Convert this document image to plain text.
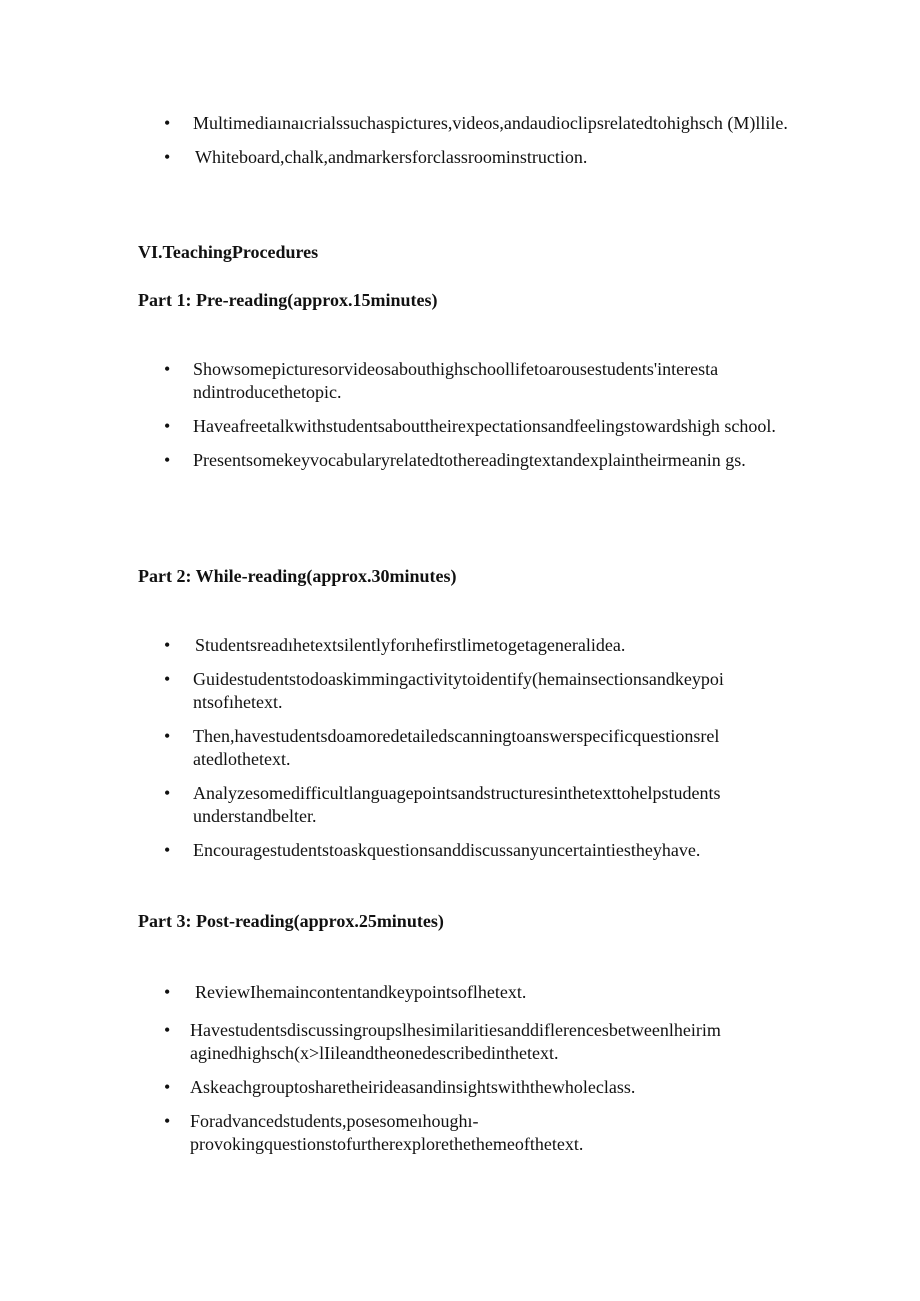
• Multimediaınaıcrialssuchaspictures,videos,andaudioclipsrelatedtohighsch (M)llile.
• Whiteboard,chalk,andmarkersforclassroominstruction.
VI.TeachingProcedures
Part 1: Pre-reading(approx.15minutes)
• Showsomepicturesorvideosabouthighschoollifetoarousestudents'interesta ndintroducethetopic.
• Haveafreetalkwithstudentsabouttheirexpectationsandfeelingstowardshigh school.
• Presentsomekeyvocabularyrelatedtothereadingtextandexplaintheirmeanin gs.
Part 2: While-reading(approx.30minutes)
• Studentsreadıhetextsilentlyforıhefirstlimetogetageneralidea.
• Guidestudentstodoaskimmingactivitytoidentify(hemainsectionsandkeypoi ntsofıhetext.
• Then,havestudentsdoamoredetailedscanningtoanswerspecificquestionsrel atedlothetext.
• Analyzesomedifficultlanguagepointsandstructuresinthetexttohelpstudents understandbelter.
• Encouragestudentstoaskquestionsanddiscussanyuncertaintiestheyhave.
Part 3: Post-reading(approx.25minutes)
• ReviewIhemaincontentandkeypointsoflhetext.
• Havestudentsdiscussingroupslhesimilaritiesanddiflerencesbetweenlheirim aginedhighsch(x>lIileandtheonedescribedinthetext.
• Askeachgrouptosharetheirideasandinsightswiththewholeclass.
• Foradvancedstudents,posesomeıhoughı- provokingquestionstofurtherexplorethethemeofthetext.
